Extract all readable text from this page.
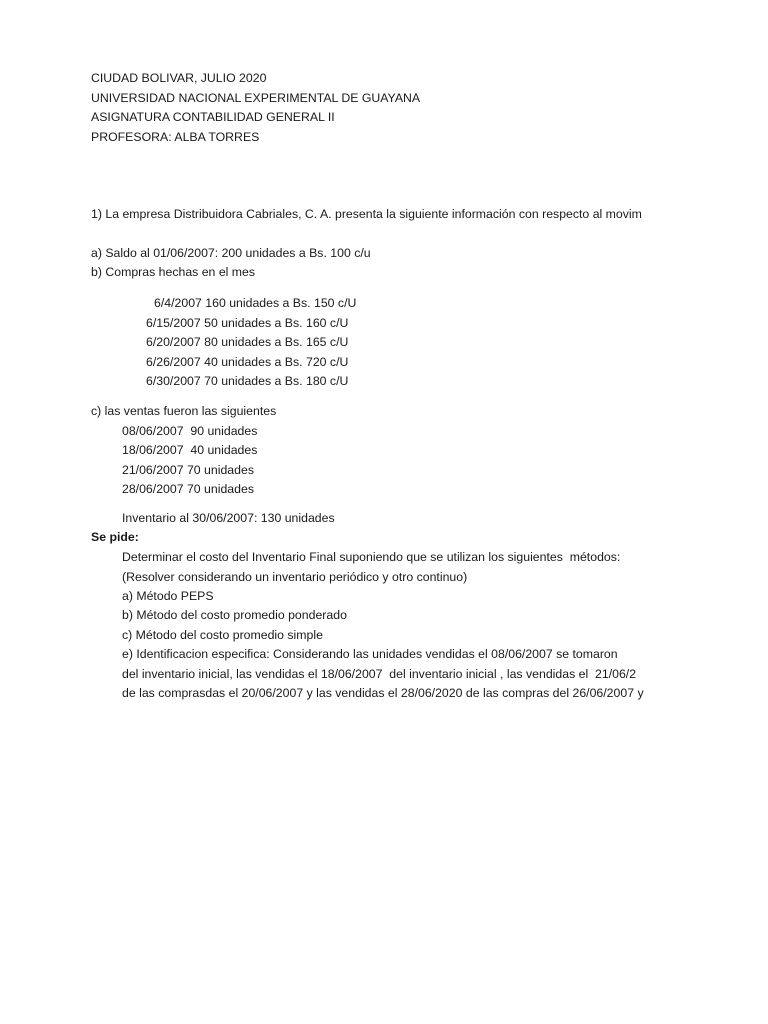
CIUDAD BOLIVAR, JULIO 2020
UNIVERSIDAD NACIONAL EXPERIMENTAL DE GUAYANA
ASIGNATURA CONTABILIDAD GENERAL II
PROFESORA: ALBA TORRES
1) La empresa Distribuidora Cabriales, C. A. presenta la siguiente información con respecto al movim
a) Saldo al 01/06/2007: 200 unidades a Bs. 100 c/u
b) Compras hechas en el mes
6/4/2007 160 unidades a Bs. 150 c/U
6/15/2007 50 unidades a Bs. 160 c/U
6/20/2007 80 unidades a Bs. 165 c/U
6/26/2007 40 unidades a Bs. 720 c/U
6/30/2007 70 unidades a Bs. 180 c/U
c) las ventas fueron las siguientes
08/06/2007  90 unidades
18/06/2007  40 unidades
21/06/2007 70 unidades
28/06/2007 70 unidades
Inventario al 30/06/2007: 130 unidades
Se pide:
Determinar el costo del Inventario Final suponiendo que se utilizan los siguientes  métodos:
(Resolver considerando un inventario periódico y otro continuo)
a) Método PEPS
b) Método del costo promedio ponderado
c) Método del costo promedio simple
e) Identificacion especifica: Considerando las unidades vendidas el 08/06/2007 se tomaron
del inventario inicial, las vendidas el 18/06/2007  del inventario inicial , las vendidas el  21/06/2
de las comprasdas el 20/06/2007 y las vendidas el 28/06/2020 de las compras del 26/06/2007 y
